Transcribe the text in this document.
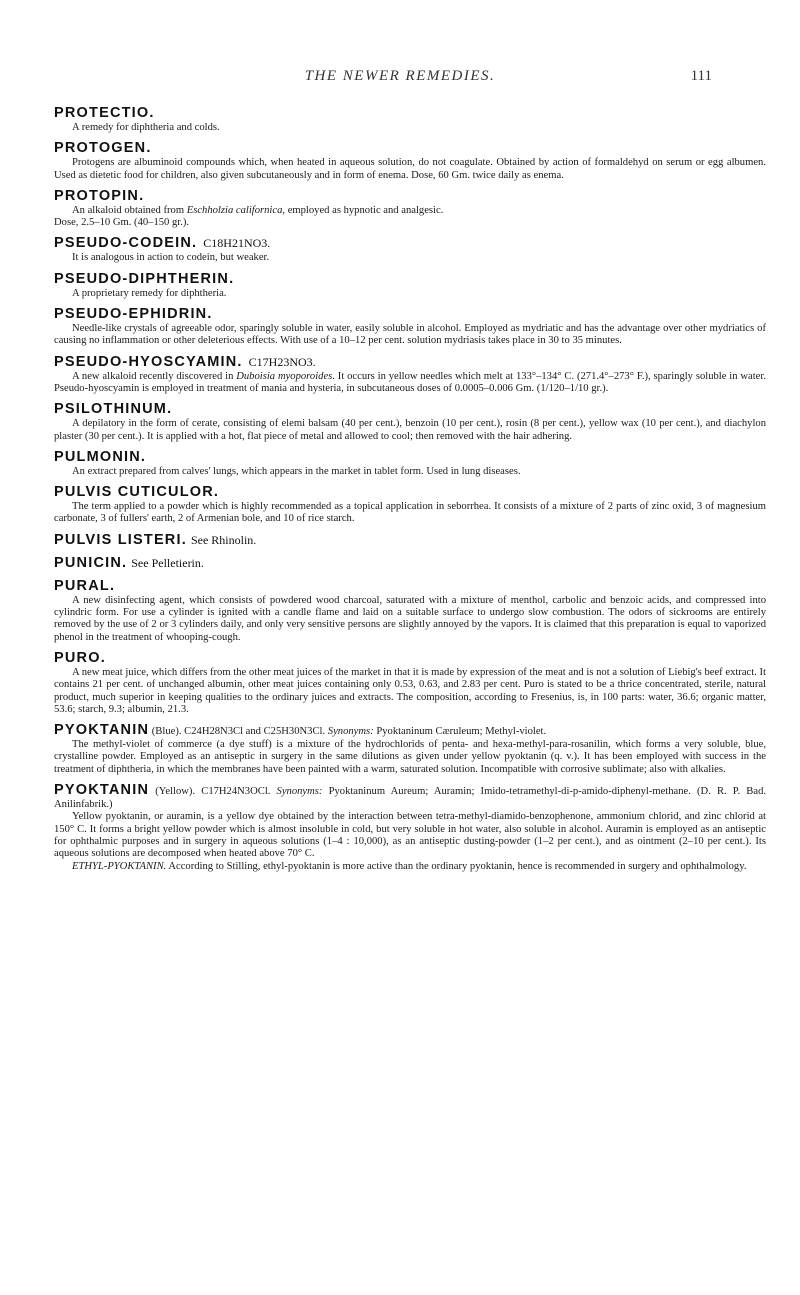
THE NEWER REMEDIES.	111
PROTECTIO.

A remedy for diphtheria and colds.

PROTOGEN.

Protogens are albuminoid compounds which, when heated in aqueous solution, do not coagulate. Obtained by action of formaldehyd on serum or egg albumen. Used as dietetic food for children, also given subcutaneously and in form of enema. Dose, 60 Gm. twice daily as enema.

PROTOPIN.

An alkaloid obtained from Eschholzia californica, employed as hypnotic and analgesic.

Dose, 2.5–10 Gm. (40–150 gr.).

PSEUDO-CODEIN. C18H21NO3.

It is analogous in action to codein, but weaker.

PSEUDO-DIPHTHERIN.

A proprietary remedy for diphtheria.

PSEUDO-EPHIDRIN.

Needle-like crystals of agreeable odor, sparingly soluble in water, easily soluble in alcohol. Employed as mydriatic and has the advantage over other mydriatics of causing no inflammation or other deleterious effects. With use of a 10–12 per cent. solution mydriasis takes place in 30 to 35 minutes.

PSEUDO-HYOSCYAMIN. C17H23NO3.

A new alkaloid recently discovered in Duboisia myoporoides. It occurs in yellow needles which melt at 133°–134° C. (271.4°–273° F.), sparingly soluble in water. Pseudo-hyoscyamin is employed in treatment of mania and hysteria, in subcutaneous doses of 0.0005–0.006 Gm. (1/120–1/10 gr.).

PSILOTHINUM.

A depilatory in the form of cerate, consisting of elemi balsam (40 per cent.), benzoin (10 per cent.), rosin (8 per cent.), yellow wax (10 per cent.), and diachylon plaster (30 per cent.). It is applied with a hot, flat piece of metal and allowed to cool; then removed with the hair adhering.

PULMONIN.

An extract prepared from calves' lungs, which appears in the market in tablet form. Used in lung diseases.

PULVIS CUTICULOR.

The term applied to a powder which is highly recommended as a topical application in seborrhea. It consists of a mixture of 2 parts of zinc oxid, 3 of magnesium carbonate, 3 of fullers' earth, 2 of Armenian bole, and 10 of rice starch.

PULVIS LISTERI. See Rhinolin.
PUNICIN. See Pelletierin.
PURAL.

A new disinfecting agent, which consists of powdered wood charcoal, saturated with a mixture of menthol, carbolic and benzoic acids, and compressed into cylindric form. For use a cylinder is ignited with a candle flame and laid on a suitable surface to undergo slow combustion. The odors of sickrooms are entirely removed by the use of 2 or 3 cylinders daily, and only very sensitive persons are slightly annoyed by the vapors. It is claimed that this preparation is equal to vaporized phenol in the treatment of whooping-cough.

PURO.

A new meat juice, which differs from the other meat juices of the market in that it is made by expression of the meat and is not a solution of Liebig's beef extract. It contains 21 per cent. of unchanged albumin, other meat juices containing only 0.53, 0.63, and 2.83 per cent. Puro is stated to be a thrice concentrated, sterile, natural product, much superior in keeping qualities to the ordinary juices and extracts. The composition, according to Fresenius, is, in 100 parts: water, 36.6; organic matter, 53.6; starch, 9.3; albumin, 21.3.

PYOKTANIN (Blue). C24H28N3Cl and C25H30N3Cl. Synonyms: Pyoktaninum Cæruleum; Methyl-violet.

The methyl-violet of commerce (a dye stuff) is a mixture of the hydrochlorids of penta- and hexa-methyl-para-rosanilin, which forms a very soluble, blue, crystalline powder. Employed as an antiseptic in surgery in the same dilutions as given under yellow pyoktanin (q. v.). It has been employed with success in the treatment of diphtheria, in which the membranes have been painted with a warm, saturated solution. Incompatible with corrosive sublimate; also with alkalies.

PYOKTANIN (Yellow). C17H24N3OCl. Synonyms: Pyoktaninum Aureum; Auramin; Imido-tetramethyl-di-p-amido-diphenyl-methane. (D. R. P. Bad. Anilinfabrik.)

Yellow pyoktanin, or auramin, is a yellow dye obtained by the interaction between tetra-methyl-diamido-benzophenone, ammonium chlorid, and zinc chlorid at 150° C. It forms a bright yellow powder which is almost insoluble in cold, but very soluble in hot water, also soluble in alcohol. Auramin is employed as an antiseptic for ophthalmic purposes and in surgery in aqueous solutions (1–4 : 10,000), as an antiseptic dusting-powder (1–2 per cent.), and as ointment (2–10 per cent.). Its aqueous solutions are decomposed when heated above 70° C.

ETHYL-PYOKTANIN. According to Stilling, ethyl-pyoktanin is more active than the ordinary pyoktanin, hence is recommended in surgery and ophthalmology.
